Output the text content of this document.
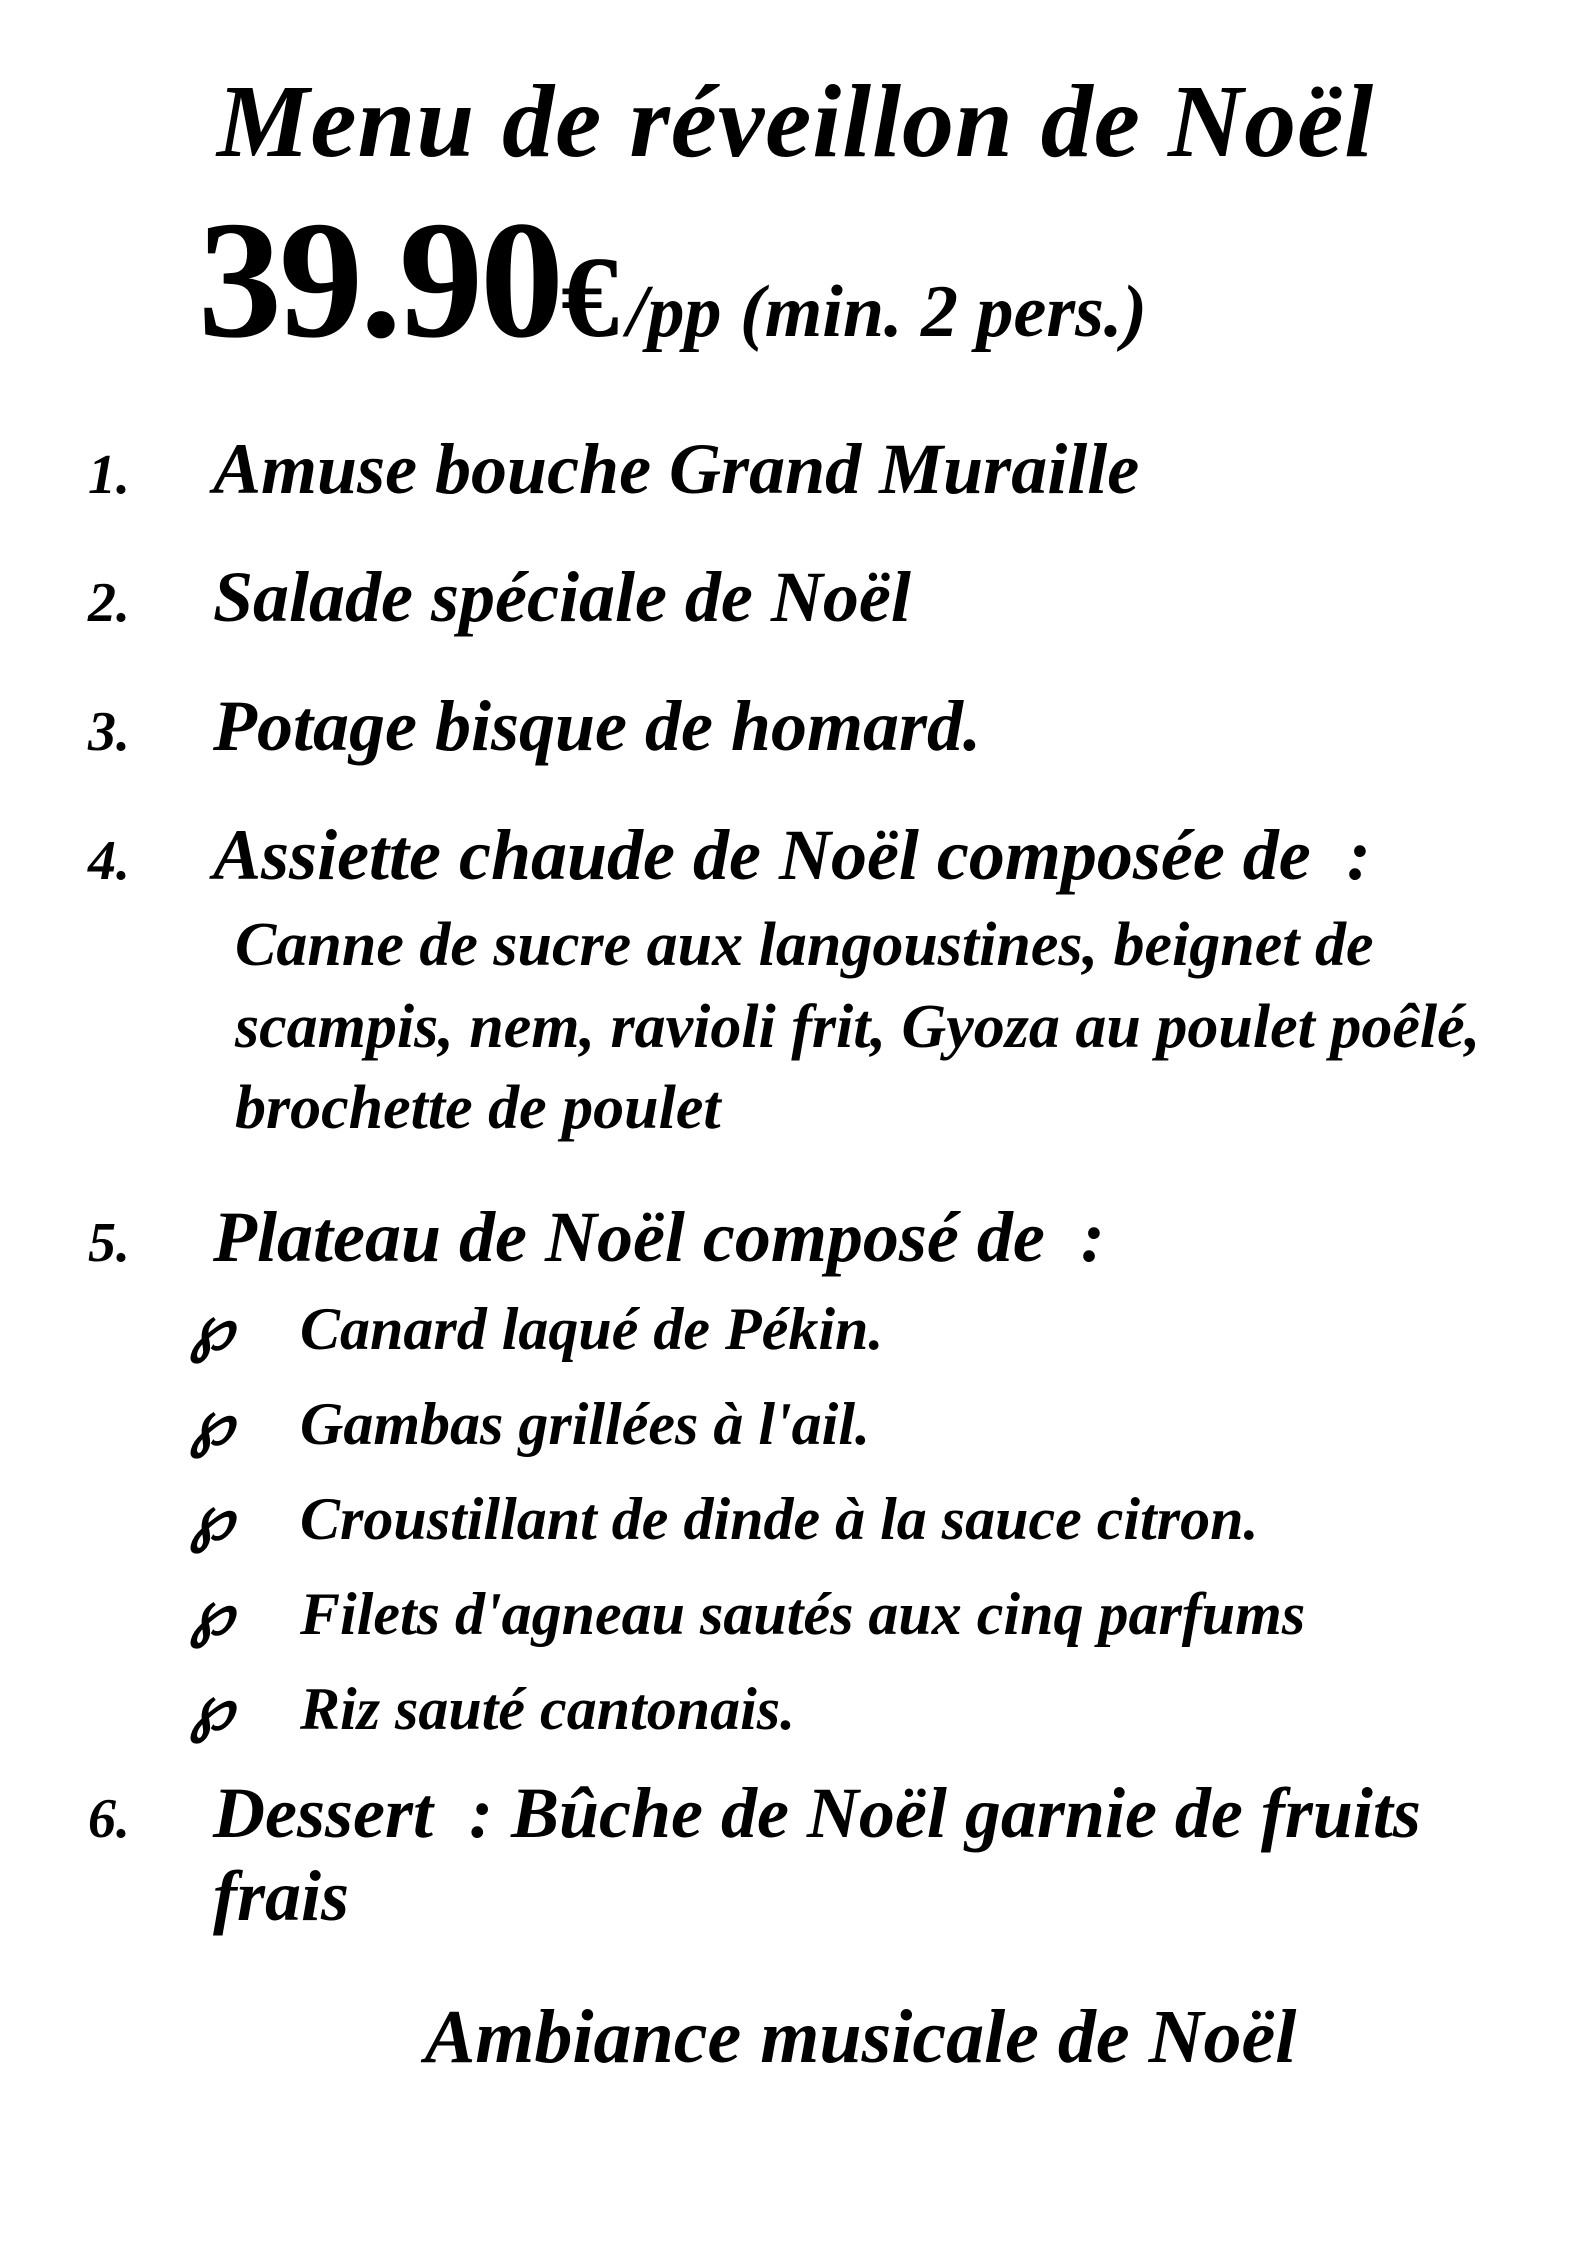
Menu de réveillon de Noël
39.90 € /pp (min. 2 pers.)
1.	Amuse bouche Grand Muraille
2.	Salade spéciale de Noël
3.	Potage bisque de homard.
4.	Assiette chaude de Noël composée de  :
Canne de sucre aux langoustines, beignet de scampis, nem, ravioli frit, Gyoza au poulet poêlé, brochette de poulet
5.	Plateau de Noël composé de  :
℘	Canard laqué de Pékin.
℘	Gambas grillées à l'ail.
℘	Croustillant de dinde à la sauce citron.
℘	Filets d'agneau sautés aux cinq parfums
℘	Riz sauté cantonais.
6.	Dessert  : Bûche de Noël garnie de fruits frais
Ambiance musicale de Noël
